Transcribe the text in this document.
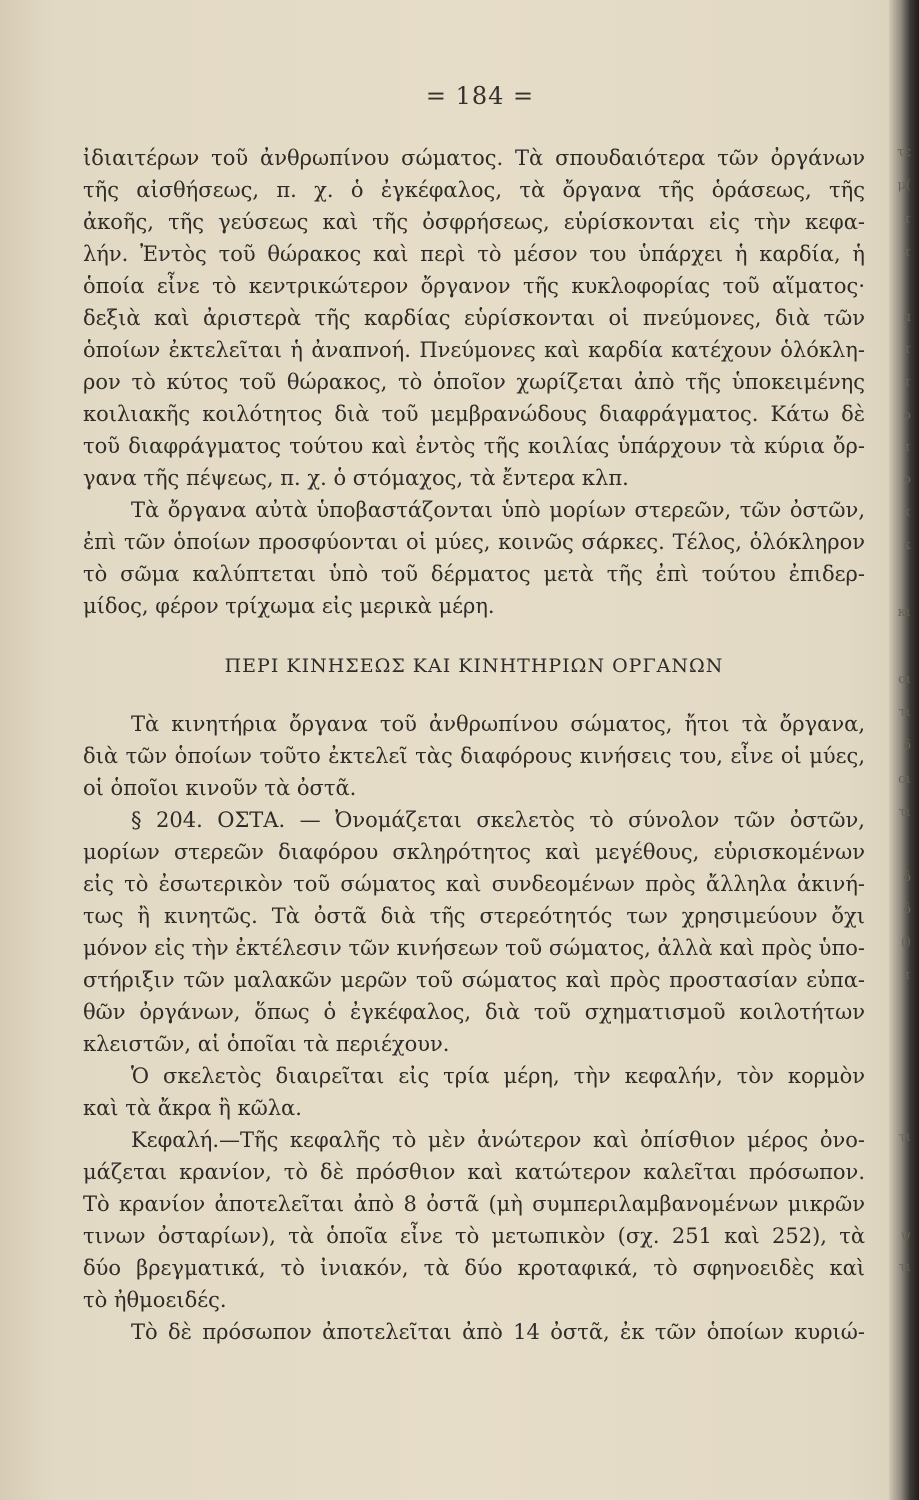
= 184 =
ἰδιαιτέρων τοῦ ἀνθρωπίνου σώματος. Τὰ σπουδαιότερα τῶν ὀργάνων
τῆς αἰσθήσεως, π. χ. ὁ ἐγκέφαλος, τὰ ὄργανα τῆς ὁράσεως, τῆς
ἀκοῆς, τῆς γεύσεως καὶ τῆς ὀσφρήσεως, εὑρίσκονται εἰς τὴν κεφα-
λήν. Ἐντὸς τοῦ θώρακος καὶ περὶ τὸ μέσον του ὑπάρχει ἡ καρδία, ἡ
ὁποία εἶνε τὸ κεντρικώτερον ὄργανον τῆς κυκλοφορίας τοῦ αἵματος·
δεξιὰ καὶ ἀριστερὰ τῆς καρδίας εὑρίσκονται οἱ πνεύμονες, διὰ τῶν
ὁποίων ἐκτελεῖται ἡ ἀναπνοή. Πνεύμονες καὶ καρδία κατέχουν ὁλόκλη-
ρον τὸ κύτος τοῦ θώρακος, τὸ ὁποῖον χωρίζεται ἀπὸ τῆς ὑποκειμένης
κοιλιακῆς κοιλότητος διὰ τοῦ μεμβρανώδους διαφράγματος. Κάτω δὲ
τοῦ διαφράγματος τούτου καὶ ἐντὸς τῆς κοιλίας ὑπάρχουν τὰ κύρια ὄρ-
γανα τῆς πέψεως, π. χ. ὁ στόμαχος, τὰ ἔντερα κλπ.
Τὰ ὄργανα αὐτὰ ὑποβαστάζονται ὑπὸ μορίων στερεῶν, τῶν ὀστῶν,
ἐπὶ τῶν ὁποίων προσφύονται οἱ μύες, κοινῶς σάρκες. Τέλος, ὁλόκληρον
τὸ σῶμα καλύπτεται ὑπὸ τοῦ δέρματος μετὰ τῆς ἐπὶ τούτου ἐπιδερ-
μίδος, φέρον τρίχωμα εἰς μερικὰ μέρη.
ΠΕΡΙ ΚΙΝΗΣΕΩΣ ΚΑΙ ΚΙΝΗΤΗΡΙΩΝ ΟΡΓΑΝΩΝ
Τὰ κινητήρια ὄργανα τοῦ ἀνθρωπίνου σώματος, ἤτοι τὰ ὄργανα,
διὰ τῶν ὁποίων τοῦτο ἐκτελεῖ τὰς διαφόρους κινήσεις του, εἶνε οἱ μύες,
οἱ ὁποῖοι κινοῦν τὰ ὀστᾶ.
§ 204. ΟΣΤΑ. — Ὀνομάζεται σκελετὸς τὸ σύνολον τῶν ὀστῶν,
μορίων στερεῶν διαφόρου σκληρότητος καὶ μεγέθους, εὑρισκομένων
εἰς τὸ ἐσωτερικὸν τοῦ σώματος καὶ συνδεομένων πρὸς ἄλληλα ἀκινή-
τως ἢ κινητῶς. Τὰ ὀστᾶ διὰ τῆς στερεότητός των χρησιμεύουν ὄχι
μόνον εἰς τὴν ἐκτέλεσιν τῶν κινήσεων τοῦ σώματος, ἀλλὰ καὶ πρὸς ὑπο-
στήριξιν τῶν μαλακῶν μερῶν τοῦ σώματος καὶ πρὸς προστασίαν εὐπα-
θῶν ὀργάνων, ὅπως ὁ ἐγκέφαλος, διὰ τοῦ σχηματισμοῦ κοιλοτήτων
κλειστῶν, αἱ ὁποῖαι τὰ περιέχουν.
Ὁ σκελετὸς διαιρεῖται εἰς τρία μέρη, τὴν κεφαλήν, τὸν κορμὸν
καὶ τὰ ἄκρα ἢ κῶλα.
Κεφαλή.—Τῆς κεφαλῆς τὸ μὲν ἀνώτερον καὶ ὀπίσθιον μέρος ὀνο-
μάζεται κρανίον, τὸ δὲ πρόσθιον καὶ κατώτερον καλεῖται πρόσωπον.
Τὸ κρανίον ἀποτελεῖται ἀπὸ 8 ὀστᾶ (μὴ συμπεριλαμβανομένων μικρῶν
τινων ὀσταρίων), τὰ ὁποῖα εἶνε τὸ μετωπικὸν (σχ. 251 καὶ 252), τὰ
δύο βρεγματικά, τὸ ἰνιακόν, τὰ δύο κροταφικά, τὸ σφηνοειδὲς καὶ
τὸ ἠθμοειδές.
Τὸ δὲ πρόσωπον ἀποτελεῖται ἀπὸ 14 ὀστᾶ, ἐκ τῶν ὁποίων κυριώ-
τε
μ(
τ
τ
π
τ
τ
ο
τ
ο
τ
κ
κι
οι
τι
δ
οι
τι
ô
ô
()
τ
τι
ψ
τι
